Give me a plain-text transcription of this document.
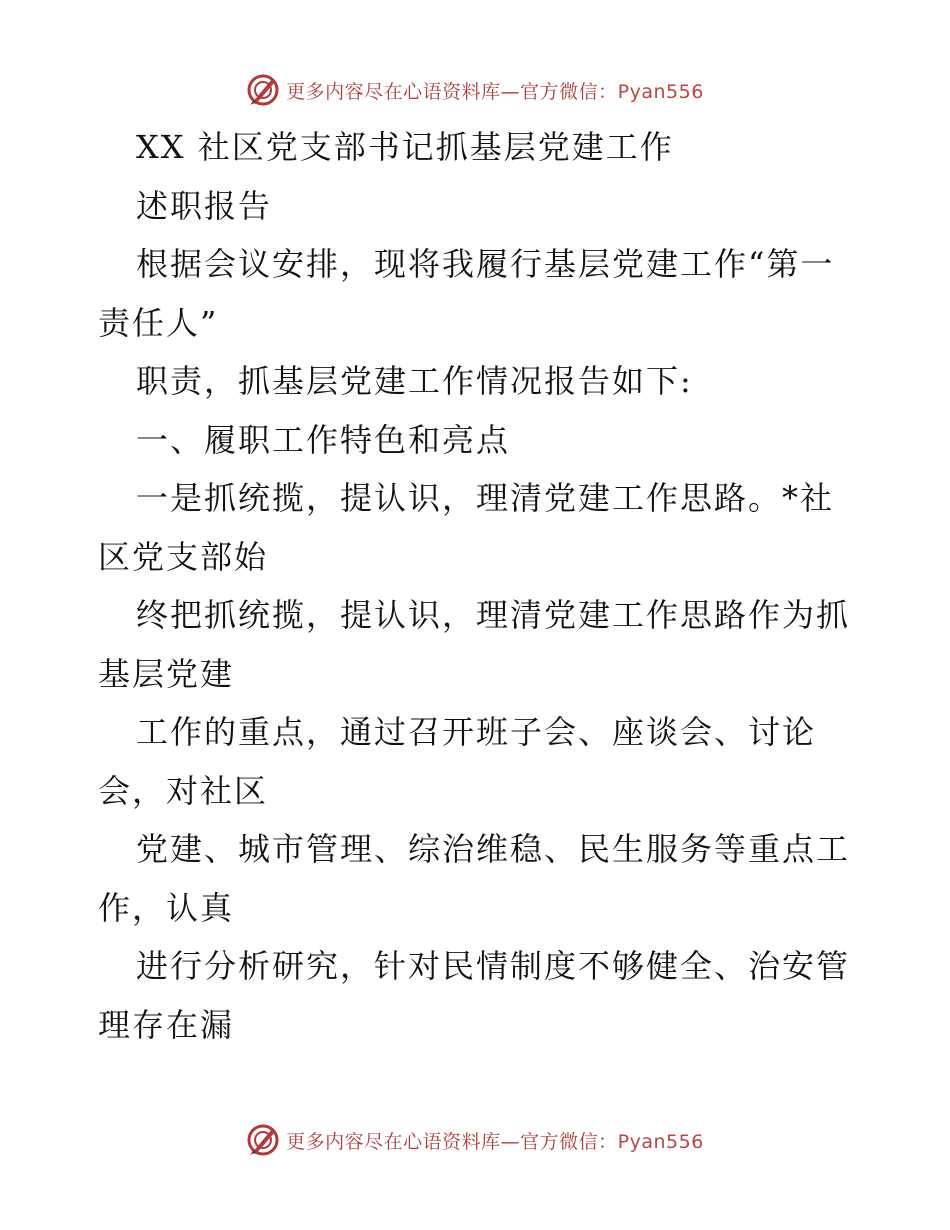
更多内容尽在心语资料库—官方微信：Pyan556
XX 社区党支部书记抓基层党建工作
述职报告
根据会议安排，现将我履行基层党建工作“第一
责任人”
职责，抓基层党建工作情况报告如下:
一、履职工作特色和亮点
一是抓统揽，提认识，理清党建工作思路。*社
区党支部始
终把抓统揽，提认识，理清党建工作思路作为抓
基层党建
工作的重点，通过召开班子会、座谈会、讨论
会，对社区
党建、城市管理、综治维稳、民生服务等重点工
作，认真
进行分析研究，针对民情制度不够健全、治安管
理存在漏
更多内容尽在心语资料库—官方微信：Pyan556
